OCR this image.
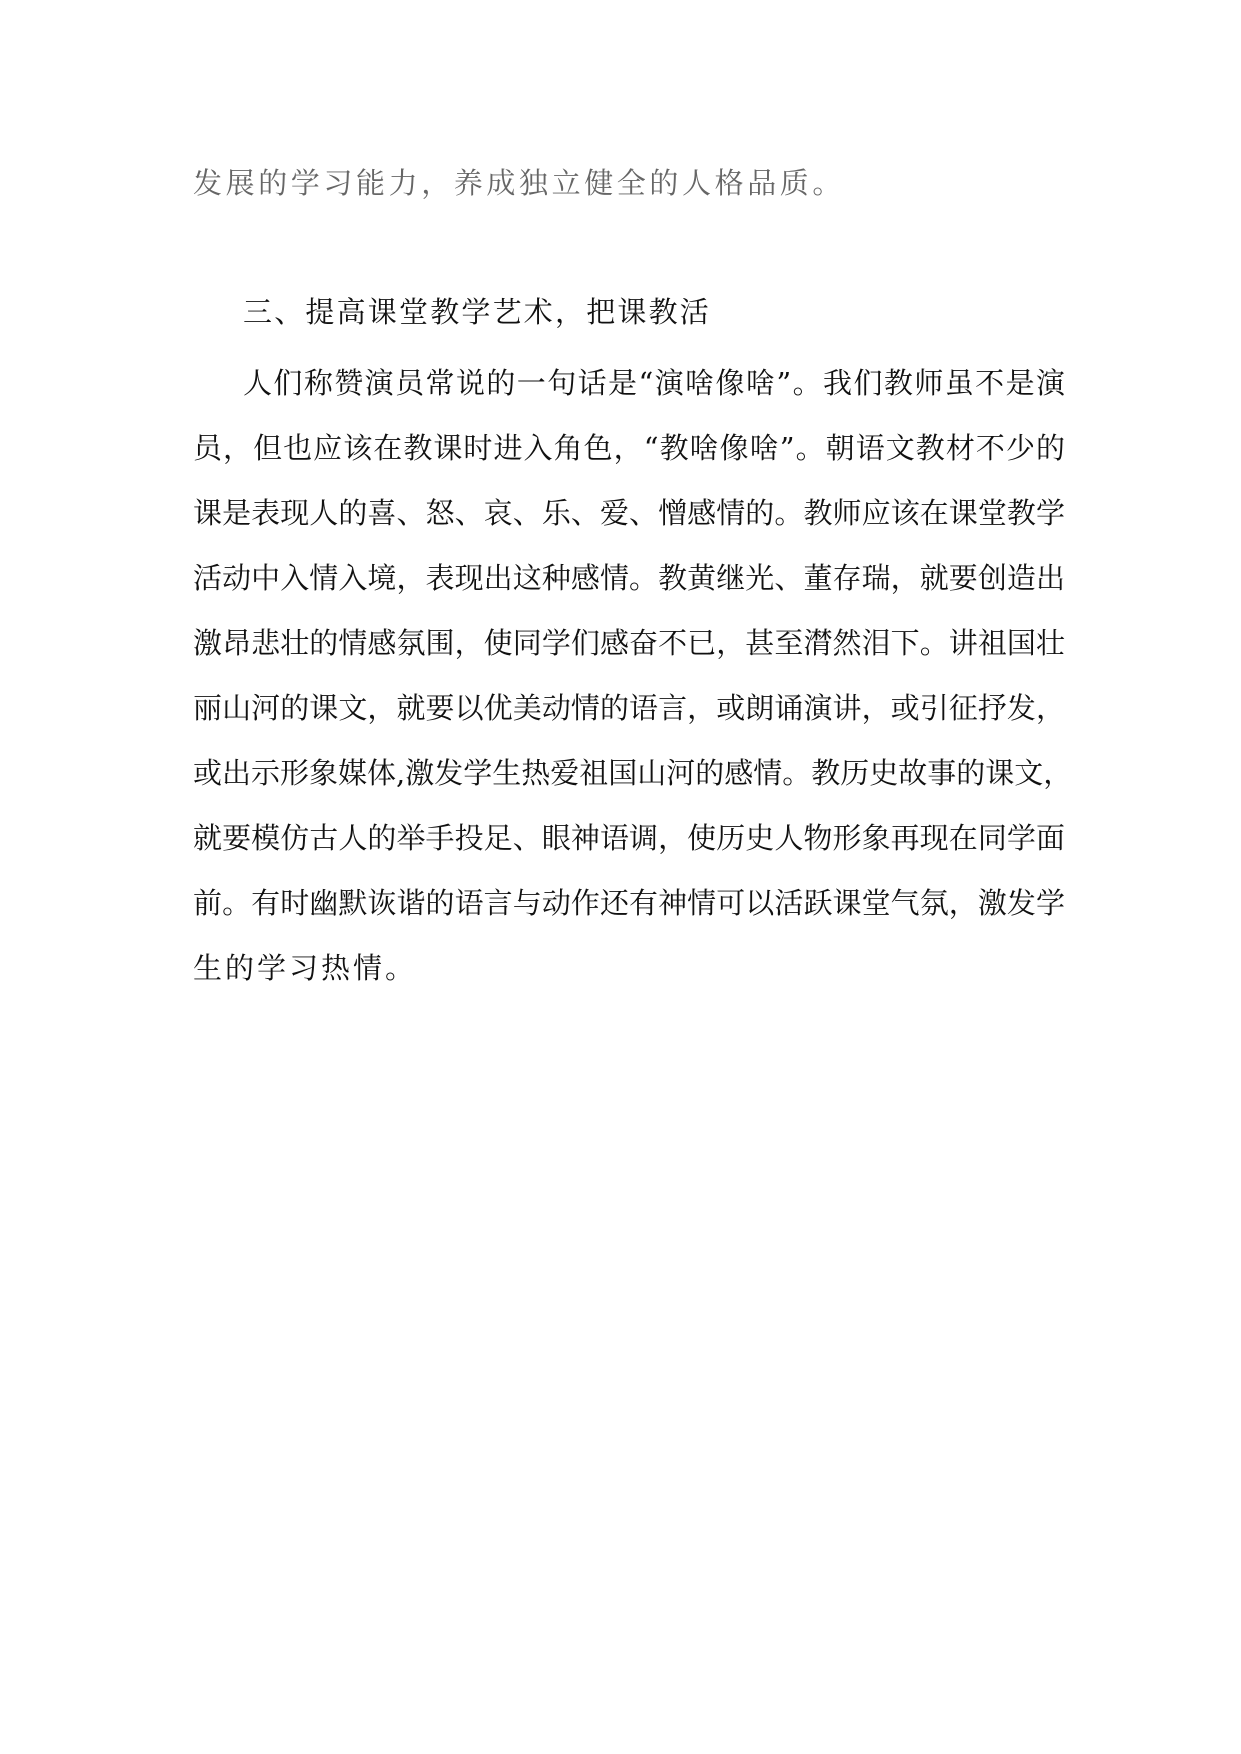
发展的学习能力，养成独立健全的人格品质。

三、提高课堂教学艺术，把课教活

人们称赞演员常说的一句话是“演啥像啥”。我们教师虽不是演

员，但也应该在教课时进入角色，“教啥像啥”。朝语文教材不少的

课是表现人的喜、怒、哀、乐、爱、憎感情的。教师应该在课堂教学

活动中入情入境，表现出这种感情。教黄继光、董存瑞，就要创造出

激昂悲壮的情感氛围，使同学们感奋不已，甚至潸然泪下。讲祖国壮

丽山河的课文，就要以优美动情的语言，或朗诵演讲，或引征抒发，

或出示形象媒体,激发学生热爱祖国山河的感情。教历史故事的课文，

就要模仿古人的举手投足、眼神语调，使历史人物形象再现在同学面

前。有时幽默诙谐的语言与动作还有神情可以活跃课堂气氛，激发学

生的学习热情。
